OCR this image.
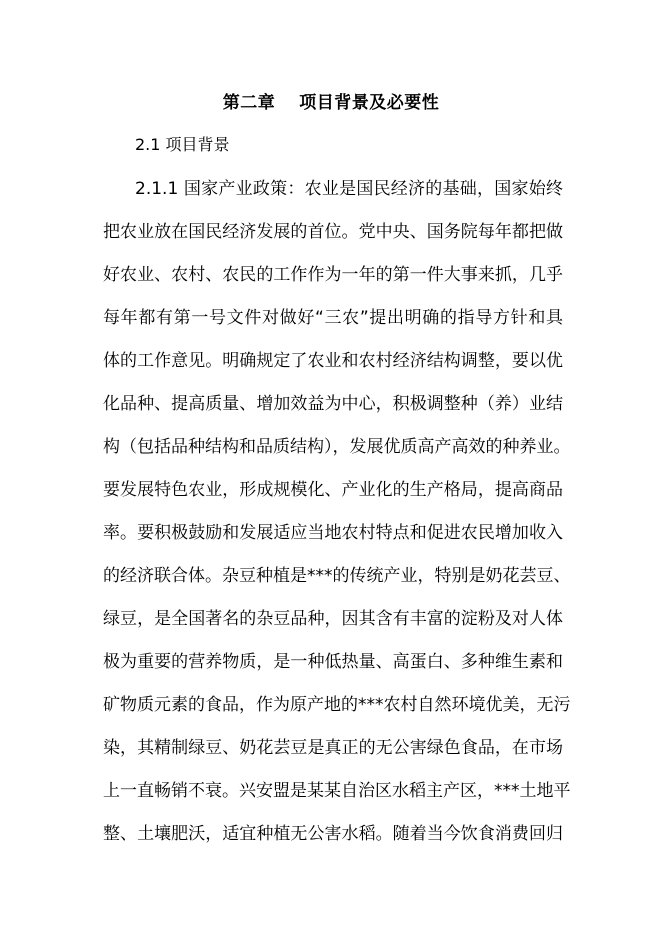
第二章　 项目背景及必要性
2.1 项目背景
2.1.1 国家产业政策：农业是国民经济的基础，国家始终
把农业放在国民经济发展的首位。党中央、国务院每年都把做
好农业、农村、农民的工作作为一年的第一件大事来抓，几乎
每年都有第一号文件对做好“三农”提出明确的指导方针和具
体的工作意见。明确规定了农业和农村经济结构调整，要以优
化品种、提高质量、增加效益为中心，积极调整种（养）业结
构（包括品种结构和品质结构），发展优质高产高效的种养业。
要发展特色农业，形成规模化、产业化的生产格局，提高商品
率。要积极鼓励和发展适应当地农村特点和促进农民增加收入
的经济联合体。杂豆种植是***的传统产业，特别是奶花芸豆、
绿豆，是全国著名的杂豆品种，因其含有丰富的淀粉及对人体
极为重要的营养物质，是一种低热量、高蛋白、多种维生素和
矿物质元素的食品，作为原产地的***农村自然环境优美，无污
染，其精制绿豆、奶花芸豆是真正的无公害绿色食品，在市场
上一直畅销不衰。兴安盟是某某自治区水稻主产区，***土地平
整、土壤肥沃，适宜种植无公害水稻。随着当今饮食消费回归
